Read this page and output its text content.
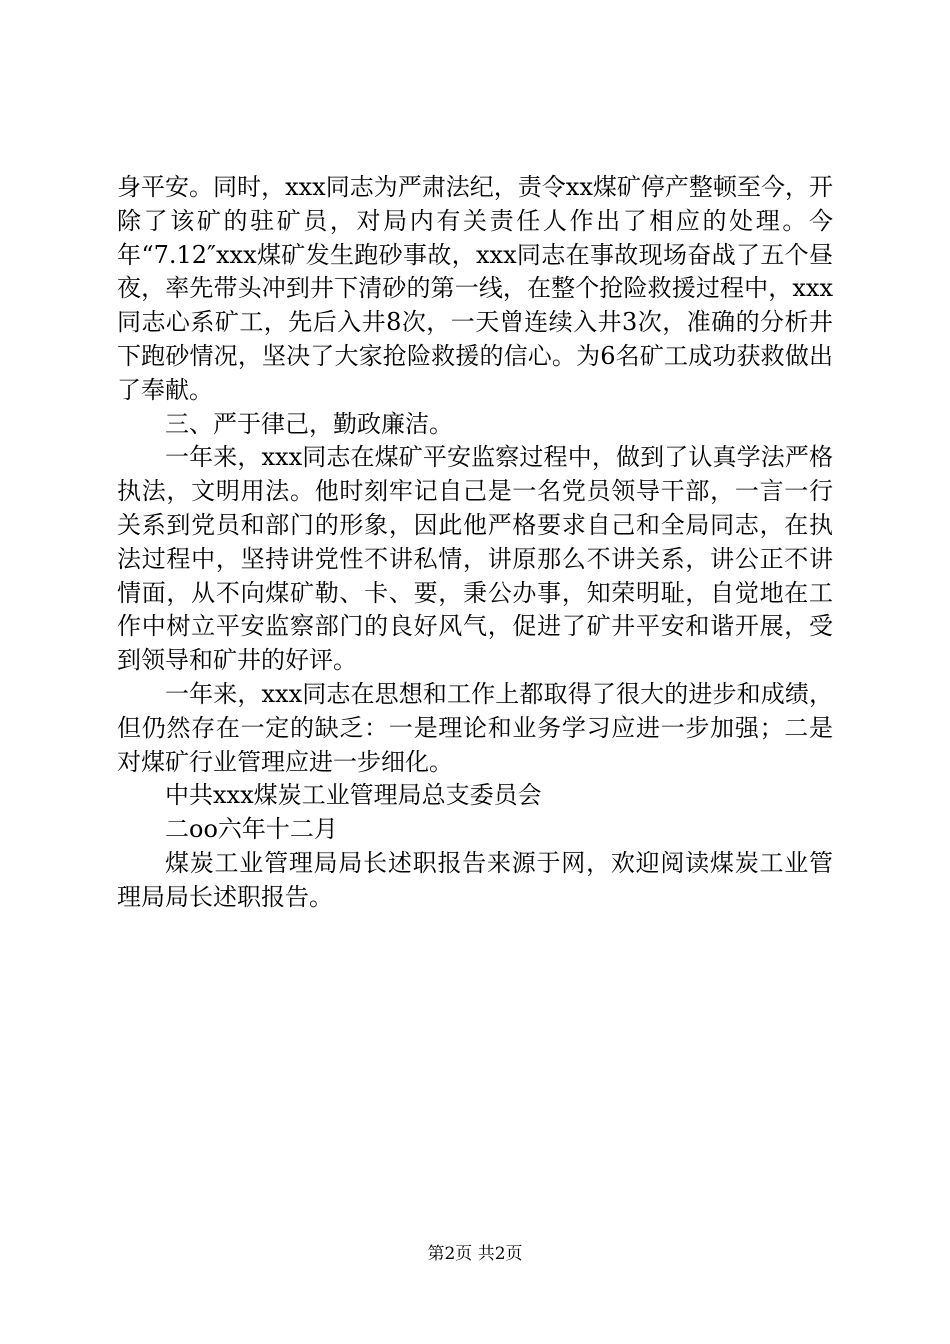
身平安。同时，xxx同志为严肃法纪，责令xx煤矿停产整顿至今，开除了该矿的驻矿员，对局内有关责任人作出了相应的处理。今年“7.12″xxx煤矿发生跑砂事故，xxx同志在事故现场奋战了五个昼夜，率先带头冲到井下清砂的第一线，在整个抢险救援过程中，xxx同志心系矿工，先后入井8次，一天曾连续入井3次，准确的分析井下跑砂情况，坚决了大家抢险救援的信心。为6名矿工成功获救做出了奉献。

三、严于律己，勤政廉洁。

一年来，xxx同志在煤矿平安监察过程中，做到了认真学法严格执法，文明用法。他时刻牢记自己是一名党员领导干部，一言一行关系到党员和部门的形象，因此他严格要求自己和全局同志，在执法过程中，坚持讲党性不讲私情，讲原那么不讲关系，讲公正不讲情面，从不向煤矿勒、卡、要，秉公办事，知荣明耻，自觉地在工作中树立平安监察部门的良好风气，促进了矿井平安和谐开展，受到领导和矿井的好评。

一年来，xxx同志在思想和工作上都取得了很大的进步和成绩，但仍然存在一定的缺乏：一是理论和业务学习应进一步加强；二是对煤矿行业管理应进一步细化。

中共xxx煤炭工业管理局总支委员会

二oo六年十二月

煤炭工业管理局局长述职报告来源于网，欢迎阅读煤炭工业管理局局长述职报告。

第2页 共2页
